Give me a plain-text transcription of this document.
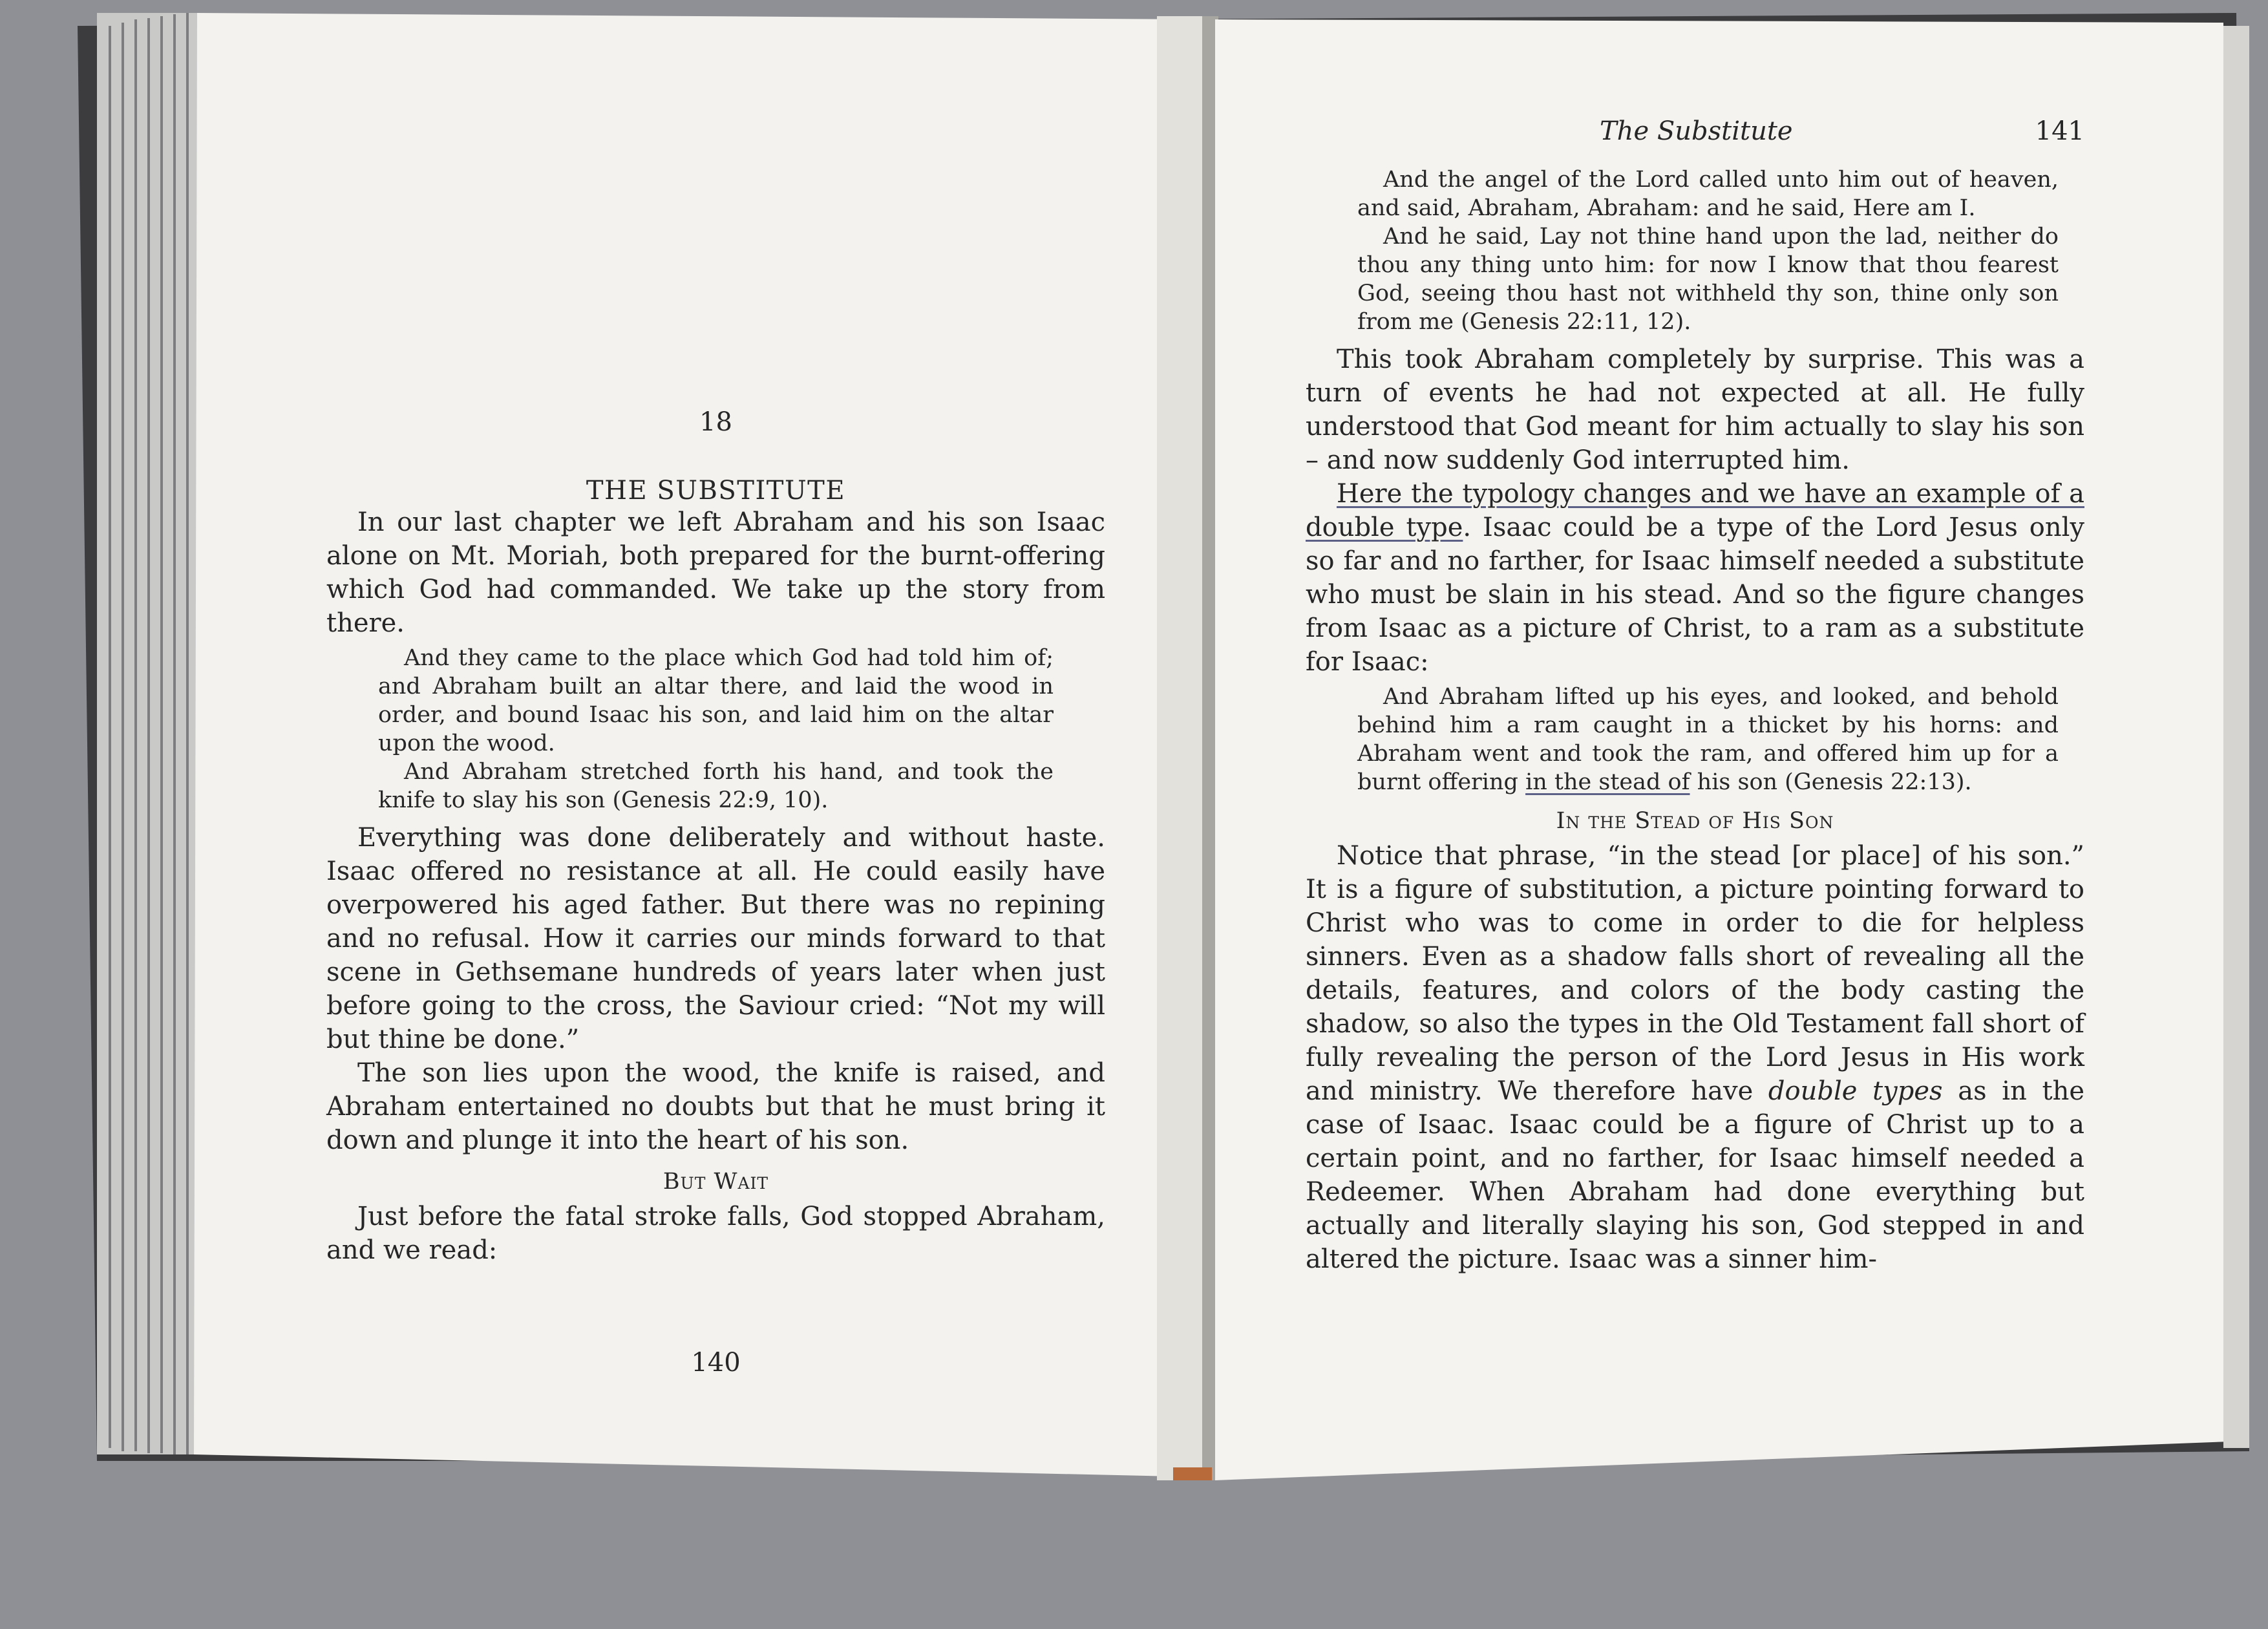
18
THE SUBSTITUTE

In our last chapter we left Abraham and his son Isaac alone on Mt. Moriah, both prepared for the burnt-offering which God had commanded. We take up the story from there.

And they came to the place which God had told him of; and Abraham built an altar there, and laid the wood in order, and bound Isaac his son, and laid him on the altar upon the wood.

And Abraham stretched forth his hand, and took the knife to slay his son (Genesis 22:9, 10).

Everything was done deliberately and without haste. Isaac offered no resistance at all. He could easily have overpowered his aged father. But there was no repining and no refusal. How it carries our minds forward to that scene in Gethsemane hundreds of years later when just before going to the cross, the Saviour cried: “Not my will but thine be done.”

The son lies upon the wood, the knife is raised, and Abraham entertained no doubts but that he must bring it down and plunge it into the heart of his son.

But Wait

Just before the fatal stroke falls, God stopped Abraham, and we read:

140
The Substitute	141

And the angel of the Lord called unto him out of heaven, and said, Abraham, Abraham: and he said, Here am I.

And he said, Lay not thine hand upon the lad, neither do thou any thing unto him: for now I know that thou fearest God, seeing thou hast not withheld thy son, thine only son from me (Genesis 22:11, 12).

This took Abraham completely by surprise. This was a turn of events he had not expected at all. He fully understood that God meant for him actually to slay his son – and now suddenly God interrupted him.

Here the typology changes and we have an example of a double type. Isaac could be a type of the Lord Jesus only so far and no farther, for Isaac himself needed a substitute who must be slain in his stead. And so the figure changes from Isaac as a picture of Christ, to a ram as a substitute for Isaac:

And Abraham lifted up his eyes, and looked, and behold behind him a ram caught in a thicket by his horns: and Abraham went and took the ram, and offered him up for a burnt offering in the stead of his son (Genesis 22:13).

In the Stead of His Son

Notice that phrase, “in the stead [or place] of his son.” It is a figure of substitution, a picture pointing forward to Christ who was to come in order to die for helpless sinners. Even as a shadow falls short of revealing all the details, features, and colors of the body casting the shadow, so also the types in the Old Testament fall short of fully revealing the person of the Lord Jesus in His work and ministry. We therefore have double types as in the case of Isaac. Isaac could be a figure of Christ up to a certain point, and no farther, for Isaac himself needed a Redeemer. When Abraham had done everything but actually and literally slaying his son, God stepped in and altered the picture. Isaac was a sinner him-
